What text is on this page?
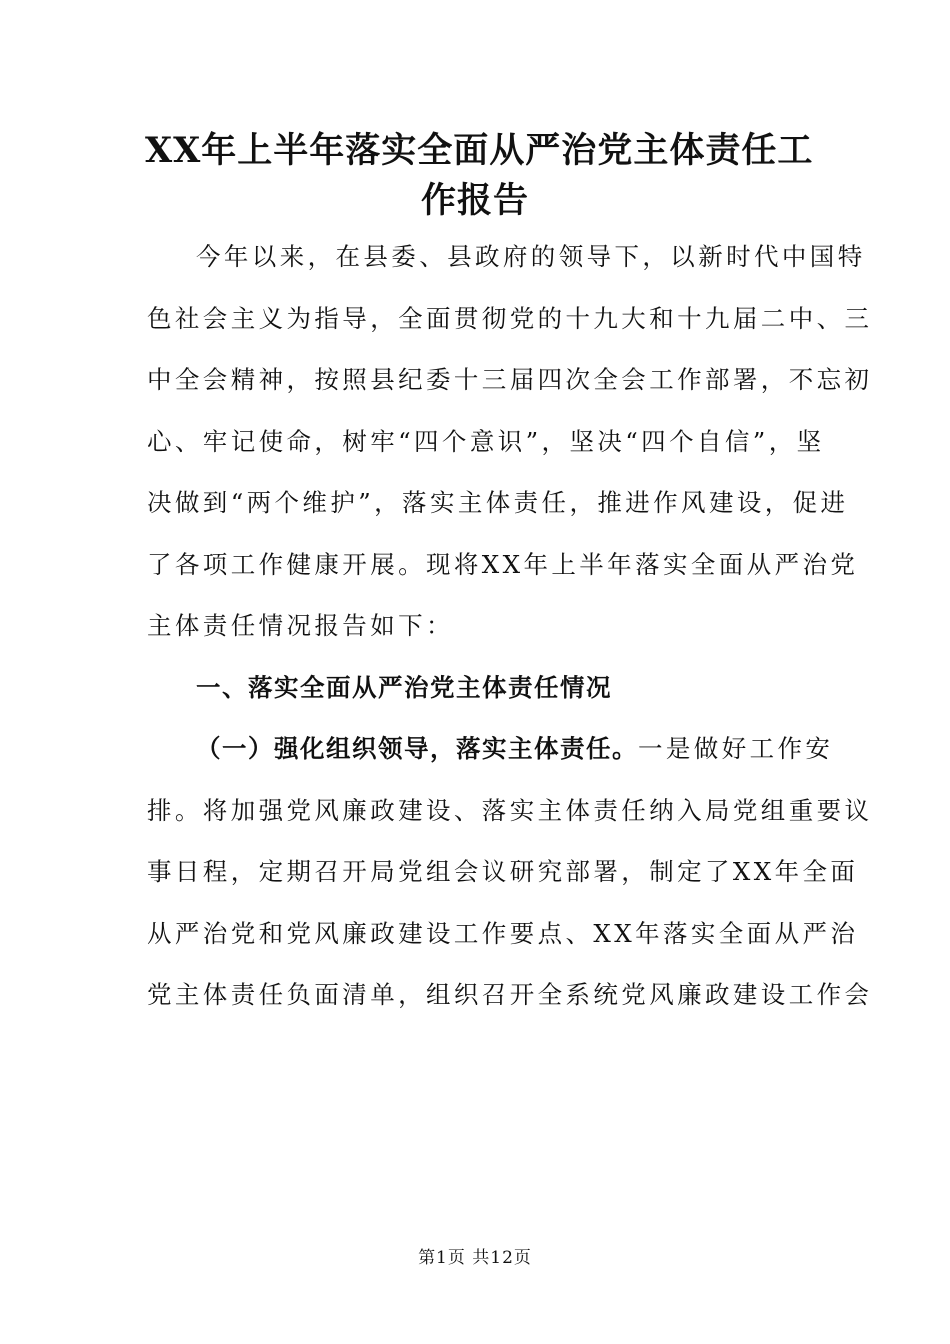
XX年上半年落实全面从严治党主体责任工
作报告
今年以来，在县委、县政府的领导下，以新时代中国特
色社会主义为指导，全面贯彻党的十九大和十九届二中、三
中全会精神，按照县纪委十三届四次全会工作部署，不忘初
心、牢记使命，树牢“四个意识”，坚决“四个自信”，坚
决做到“两个维护”，落实主体责任，推进作风建设，促进
了各项工作健康开展。现将XX年上半年落实全面从严治党
主体责任情况报告如下：
一、落实全面从严治党主体责任情况
（一）强化组织领导，落实主体责任。一是做好工作安
排。将加强党风廉政建设、落实主体责任纳入局党组重要议
事日程，定期召开局党组会议研究部署，制定了XX年全面
从严治党和党风廉政建设工作要点、XX年落实全面从严治
党主体责任负面清单，组织召开全系统党风廉政建设工作会
第1页 共12页
